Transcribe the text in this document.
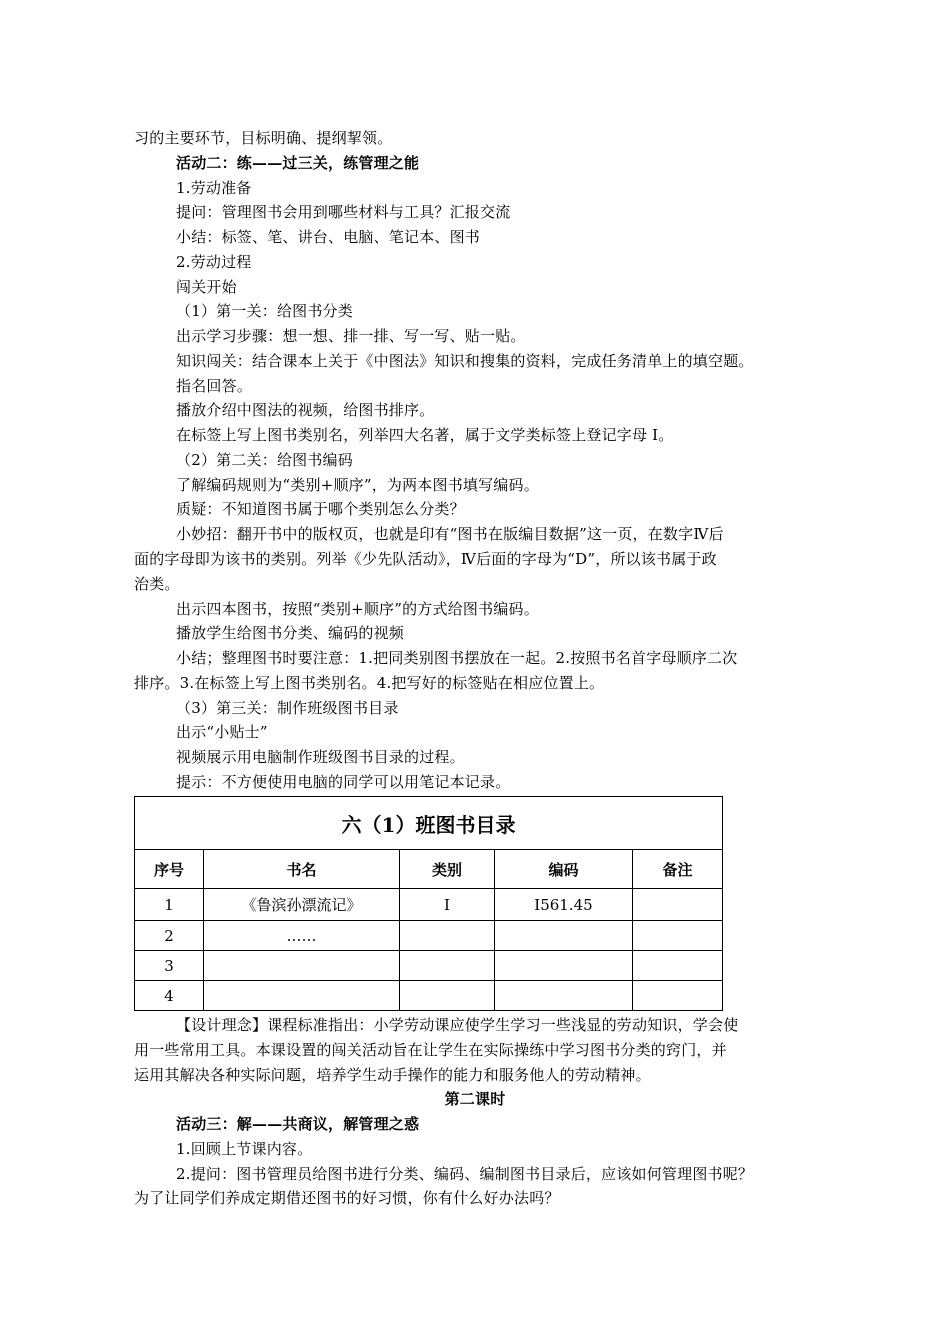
习的主要环节，目标明确、提纲挈领。
活动二：练——过三关，练管理之能
1.劳动准备
提问：管理图书会用到哪些材料与工具？汇报交流
小结：标签、笔、讲台、电脑、笔记本、图书
2.劳动过程
闯关开始
（1）第一关：给图书分类
出示学习步骤：想一想、排一排、写一写、贴一贴。
知识闯关：结合课本上关于《中图法》知识和搜集的资料，完成任务清单上的填空题。
指名回答。
播放介绍中图法的视频，给图书排序。
在标签上写上图书类别名，列举四大名著，属于文学类标签上登记字母 I。
（2）第二关：给图书编码
了解编码规则为“类别+顺序”，为两本图书填写编码。
质疑：不知道图书属于哪个类别怎么分类？
小妙招：翻开书中的版权页，也就是印有“图书在版编目数据”这一页，在数字Ⅳ后
面的字母即为该书的类别。列举《少先队活动》，Ⅳ后面的字母为“D”，所以该书属于政
治类。
出示四本图书，按照“类别+顺序”的方式给图书编码。
播放学生给图书分类、编码的视频
小结；整理图书时要注意：1.把同类别图书摆放在一起。2.按照书名首字母顺序二次
排序。3.在标签上写上图书类别名。4.把写好的标签贴在相应位置上。
（3）第三关：制作班级图书目录
出示“小贴士”
视频展示用电脑制作班级图书目录的过程。
提示：不方便使用电脑的同学可以用笔记本记录。
六（1）班图书目录				
序号	书名	类别	编码	备注
1	《鲁滨孙漂流记》	I	I561.45	
2	……			
3				
4				
【设计理念】课程标准指出：小学劳动课应使学生学习一些浅显的劳动知识，学会使
用一些常用工具。本课设置的闯关活动旨在让学生在实际操练中学习图书分类的窍门，并
运用其解决各种实际问题，培养学生动手操作的能力和服务他人的劳动精神。
第二课时
活动三：解——共商议，解管理之惑
1.回顾上节课内容。
2.提问：图书管理员给图书进行分类、编码、编制图书目录后，应该如何管理图书呢？
为了让同学们养成定期借还图书的好习惯，你有什么好办法吗？
